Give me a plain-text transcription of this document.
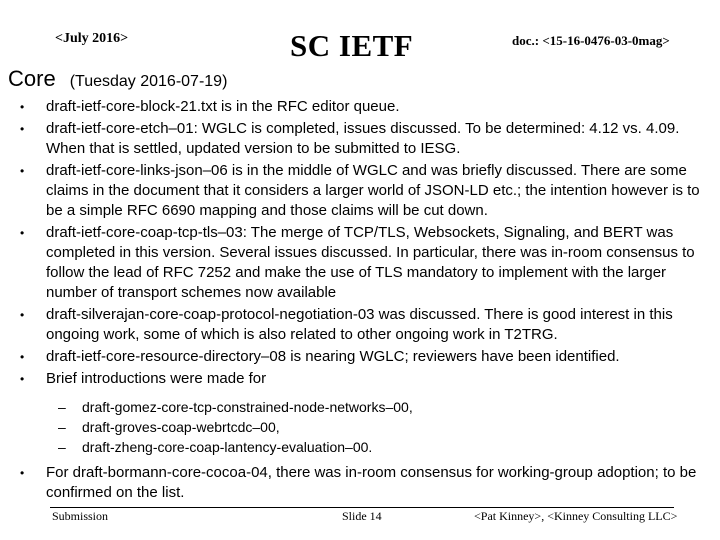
<July 2016>	SC IETF	doc.: <15-16-0476-03-0mag>
Core (Tuesday 2016-07-19)
• draft-ietf-core-block-21.txt is in the RFC editor queue.
• draft-ietf-core-etch–01: WGLC is completed, issues discussed. To be determined: 4.12 vs. 4.09. When that is settled, updated version to be submitted to IESG.
• draft-ietf-core-links-json–06 is in the middle of WGLC and was briefly discussed. There are some claims in the document that it considers a larger world of JSON-LD etc.; the intention however is to be a simple RFC 6690 mapping and those claims will be cut down.
• draft-ietf-core-coap-tcp-tls–03: The merge of TCP/TLS, Websockets, Signaling, and BERT was completed in this version. Several issues discussed. In particular, there was in-room consensus to follow the lead of RFC 7252 and make the use of TLS mandatory to implement with the larger number of transport schemes now available
• draft-silverajan-core-coap-protocol-negotiation-03 was discussed. There is good interest in this ongoing work, some of which is also related to other ongoing work in T2TRG.
• draft-ietf-core-resource-directory–08 is nearing WGLC; reviewers have been identified.
• Brief introductions were made for
– draft-gomez-core-tcp-constrained-node-networks–00,
– draft-groves-coap-webrtcdc–00,
– draft-zheng-core-coap-lantency-evaluation–00.
• For draft-bormann-core-cocoa-04, there was in-room consensus for working-group adoption; to be confirmed on the list.
Submission	Slide 14	<Pat Kinney>, <Kinney Consulting LLC>
